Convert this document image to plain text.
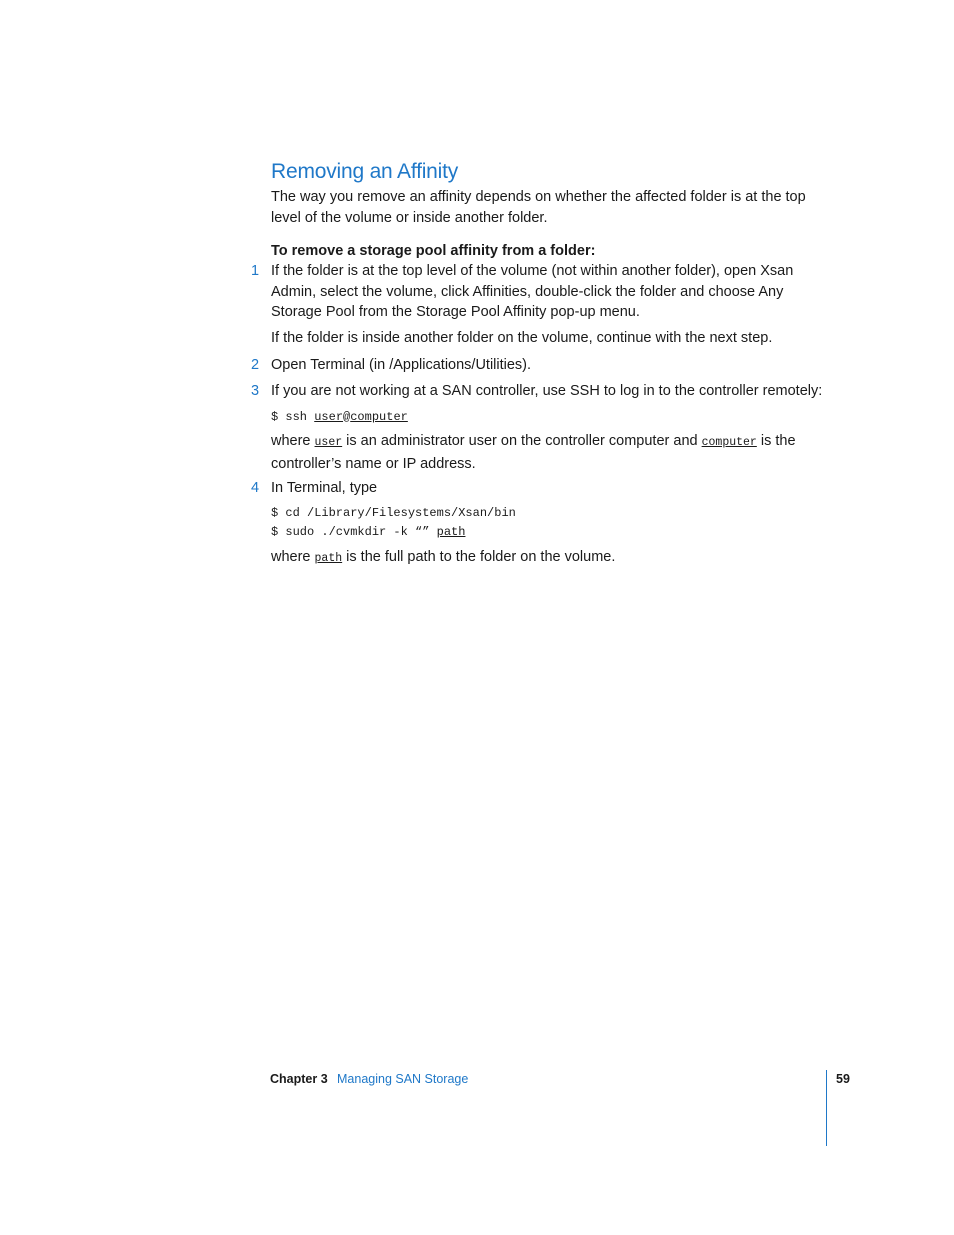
Removing an Affinity

The way you remove an affinity depends on whether the affected folder is at the top level of the volume or inside another folder.

To remove a storage pool affinity from a folder:

1 If the folder is at the top level of the volume (not within another folder), open Xsan Admin, select the volume, click Affinities, double-click the folder and choose Any Storage Pool from the Storage Pool Affinity pop-up menu.

If the folder is inside another folder on the volume, continue with the next step.

2 Open Terminal (in /Applications/Utilities).

3 If you are not working at a SAN controller, use SSH to log in to the controller remotely:

$ ssh user@computer

where user is an administrator user on the controller computer and computer is the controller’s name or IP address.

4 In Terminal, type

$ cd /Library/Filesystems/Xsan/bin

$ sudo ./cvmkdir -k “” path

where path is the full path to the folder on the volume.

Chapter 3 Managing SAN Storage	59
